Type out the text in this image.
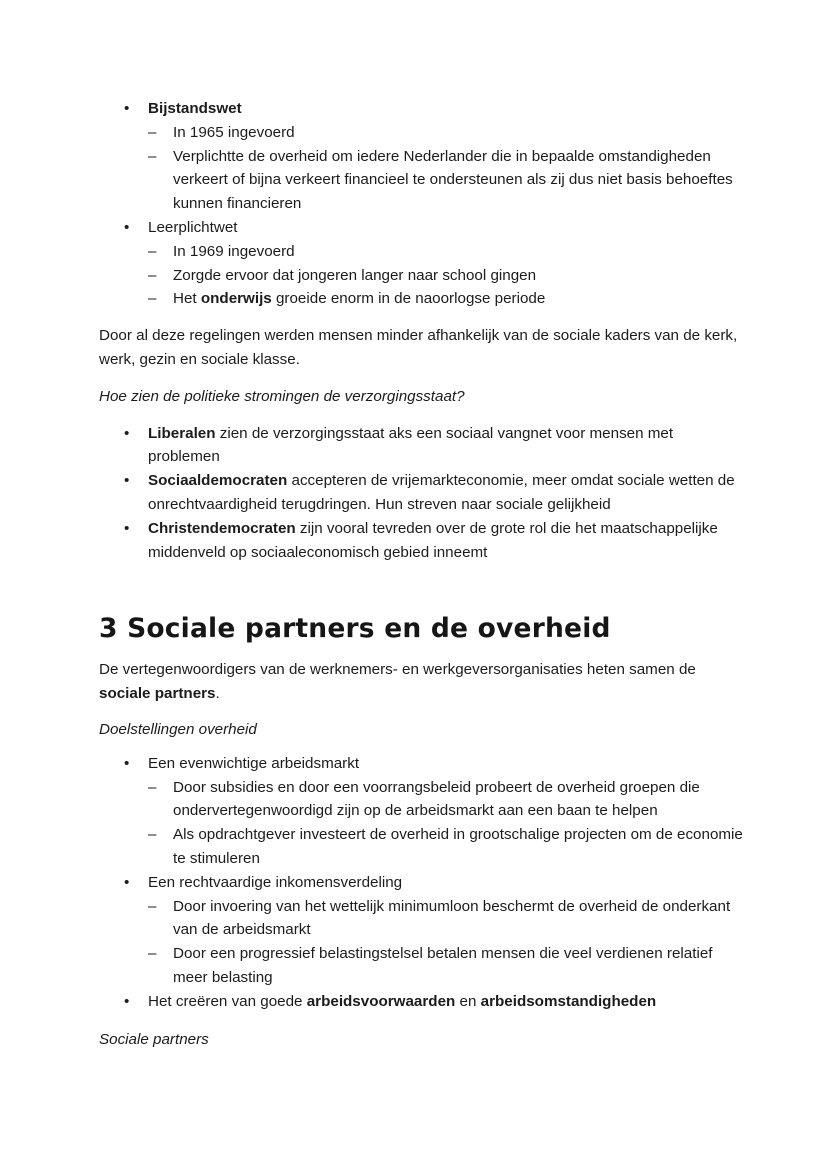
•	Bijstandswet
–	In 1965 ingevoerd
–	Verplichtte de overheid om iedere Nederlander die in bepaalde omstandigheden verkeert of bijna verkeert financieel te ondersteunen als zij dus niet basis behoeftes kunnen financieren
•	Leerplichtwet
–	In 1969 ingevoerd
–	Zorgde ervoor dat jongeren langer naar school gingen
–	Het onderwijs groeide enorm in de naoorlogse periode

Door al deze regelingen werden mensen minder afhankelijk van de sociale kaders van de kerk, werk, gezin en sociale klasse.

Hoe zien de politieke stromingen de verzorgingsstaat?

•	Liberalen zien de verzorgingsstaat aks een sociaal vangnet voor mensen met problemen
•	Sociaaldemocraten accepteren de vrijemarkteconomie, meer omdat sociale wetten de onrechtvaardigheid terugdringen. Hun streven naar sociale gelijkheid
•	Christendemocraten zijn vooral tevreden over de grote rol die het maatschappelijke middenveld op sociaaleconomisch gebied inneemt
3 Sociale partners en de overheid

De vertegenwoordigers van de werknemers- en werkgeversorganisaties heten samen de sociale partners.

Doelstellingen overheid

•	Een evenwichtige arbeidsmarkt
–	Door subsidies en door een voorrangsbeleid probeert de overheid groepen die ondervertegenwoordigd zijn op de arbeidsmarkt aan een baan te helpen
–	Als opdrachtgever investeert de overheid in grootschalige projecten om de economie te stimuleren
•	Een rechtvaardige inkomensverdeling
–	Door invoering van het wettelijk minimumloon beschermt de overheid de onderkant van de arbeidsmarkt
–	Door een progressief belastingstelsel betalen mensen die veel verdienen relatief meer belasting
•	Het creëren van goede arbeidsvoorwaarden en arbeidsomstandigheden

Sociale partners
